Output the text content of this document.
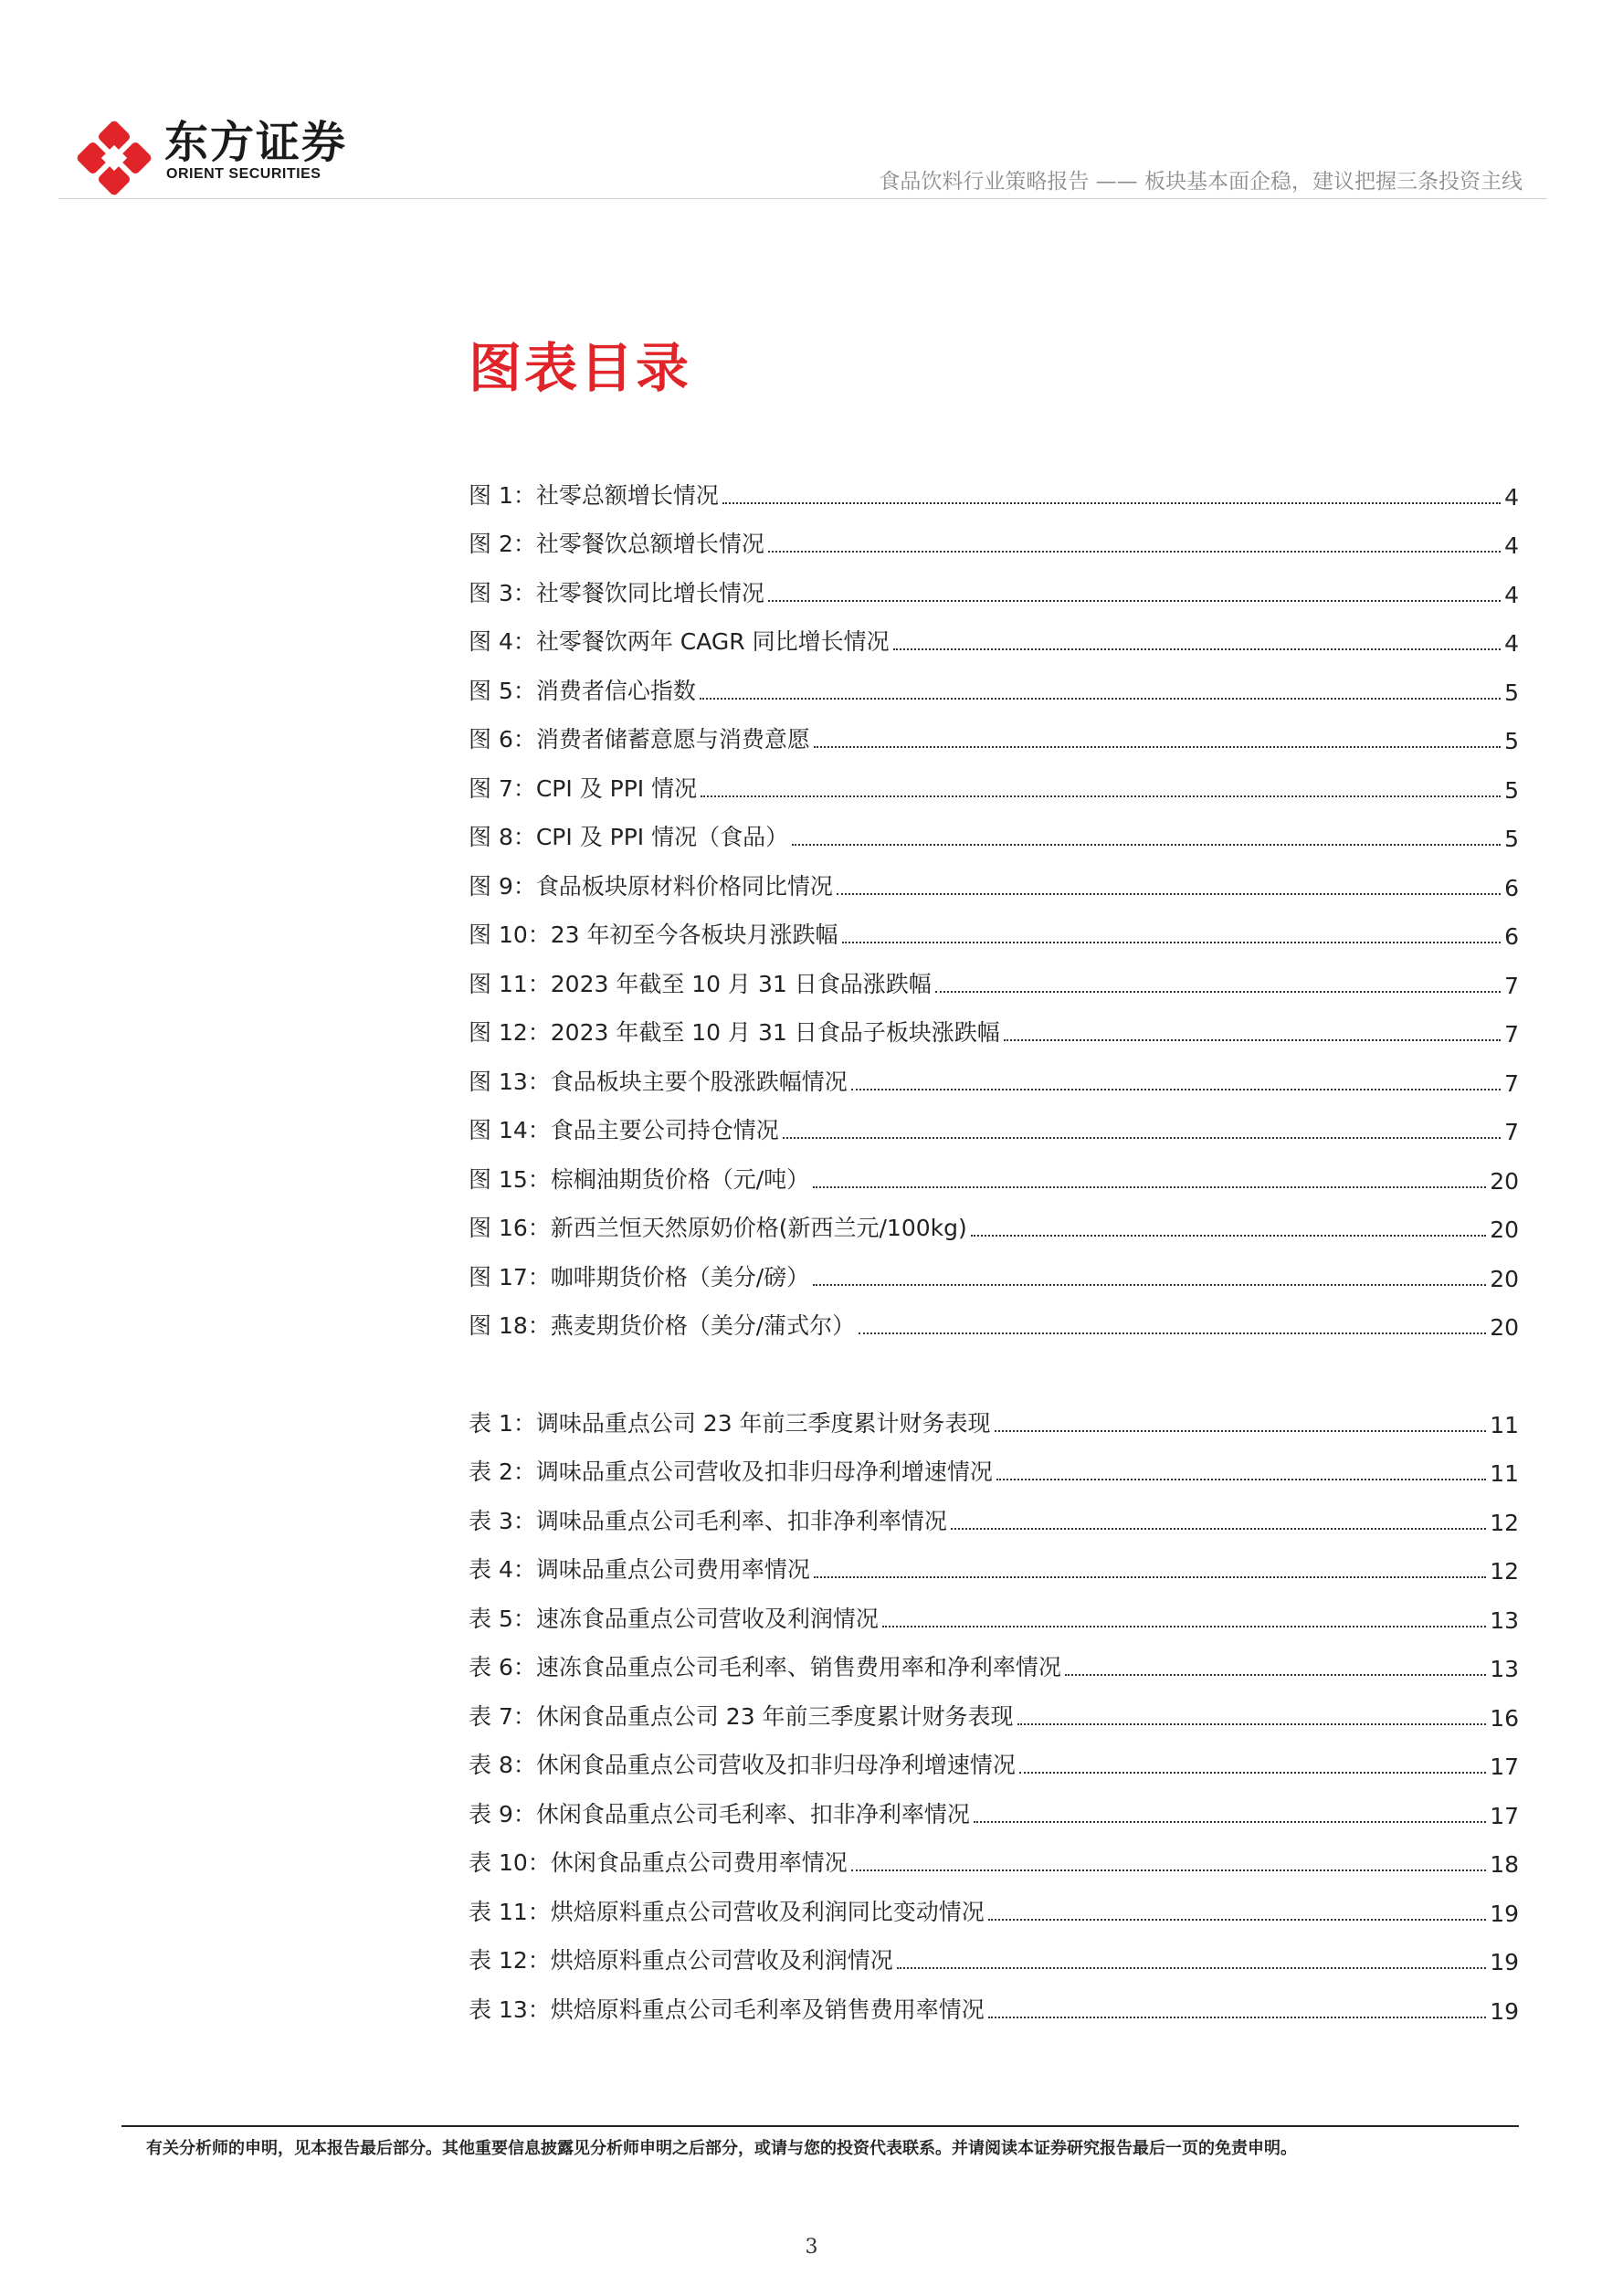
东方证券
ORIENT SECURITIES	食品饮料行业策略报告 —— 板块基本面企稳，建议把握三条投资主线
图表目录
图 1：社零总额增长情况	4
图 2：社零餐饮总额增长情况	4
图 3：社零餐饮同比增长情况	4
图 4：社零餐饮两年 CAGR 同比增长情况	4
图 5：消费者信心指数	5
图 6：消费者储蓄意愿与消费意愿	5
图 7：CPI 及 PPI 情况	5
图 8：CPI 及 PPI 情况（食品）	5
图 9：食品板块原材料价格同比情况	6
图 10：23 年初至今各板块月涨跌幅	6
图 11：2023 年截至 10 月 31 日食品涨跌幅	7
图 12：2023 年截至 10 月 31 日食品子板块涨跌幅	7
图 13：食品板块主要个股涨跌幅情况	7
图 14：食品主要公司持仓情况	7
图 15：棕榈油期货价格（元/吨）	20
图 16：新西兰恒天然原奶价格(新西兰元/100kg)	20
图 17：咖啡期货价格（美分/磅）	20
图 18：燕麦期货价格（美分/蒲式尔）	20
表 1：调味品重点公司 23 年前三季度累计财务表现	11
表 2：调味品重点公司营收及扣非归母净利增速情况	11
表 3：调味品重点公司毛利率、扣非净利率情况	12
表 4：调味品重点公司费用率情况	12
表 5：速冻食品重点公司营收及利润情况	13
表 6：速冻食品重点公司毛利率、销售费用率和净利率情况	13
表 7：休闲食品重点公司 23 年前三季度累计财务表现	16
表 8：休闲食品重点公司营收及扣非归母净利增速情况	17
表 9：休闲食品重点公司毛利率、扣非净利率情况	17
表 10：休闲食品重点公司费用率情况	18
表 11：烘焙原料重点公司营收及利润同比变动情况	19
表 12：烘焙原料重点公司营收及利润情况	19
表 13：烘焙原料重点公司毛利率及销售费用率情况	19
有关分析师的申明，见本报告最后部分。其他重要信息披露见分析师申明之后部分，或请与您的投资代表联系。并请阅读本证券研究报告最后一页的免责申明。
3
